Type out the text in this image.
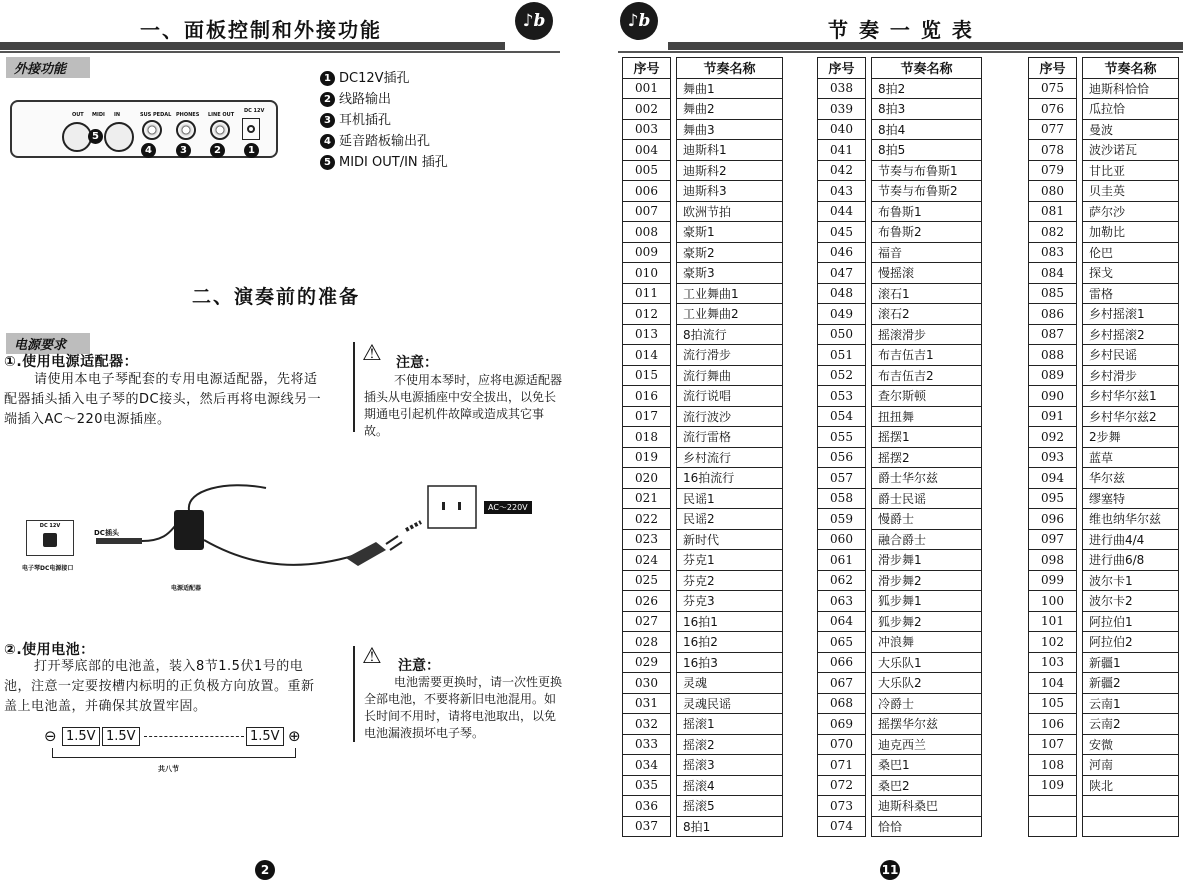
一、面板控制和外接功能	♪b
外接功能
OUT MIDI IN	SUS PEDAL PHONES LINE OUT
DC 12V
5
4	3	2	1
1 DC12V插孔
2 线路输出
3 耳机插孔
4 延音踏板输出孔
5 MIDI OUT/IN 插孔
二、演奏前的准备
电源要求
①.使用电源适配器：
请使用本电子琴配套的专用电源适配器，先将适配器插头插入电子琴的DC接头，然后再将电源线另一端插入AC～220电源插座。
⚠ 注意：
不使用本琴时，应将电源适配器插头从电源插座中安全拔出，以免长期通电引起机件故障或造成其它事故。
DC 12V
电子琴DC电源接口
DC插头
电源适配器
AC～220V
②.使用电池：
打开琴底部的电池盖，装入8节1.5伏1号的电池，注意一定要按槽内标明的正负极方向放置。重新盖上电池盖，并确保其放置牢固。
⚠ 注意：
电池需要更换时，请一次性更换全部电池，不要将新旧电池混用。如长时间不用时，请将电池取出，以免电池漏液损坏电子琴。
⊖ 1.5V 1.5V	1.5V ⊕
共八节
2
♪b	节 奏 一 览 表
序号		节奏名称
001		舞曲1
002		舞曲2
003		舞曲3
004		迪斯科1
005		迪斯科2
006		迪斯科3
007		欧洲节拍
008		豪斯1
009		豪斯2
010		豪斯3
011		工业舞曲1
012		工业舞曲2
013		8拍流行
014		流行滑步
015		流行舞曲
016		流行说唱
017		流行波沙
018		流行雷格
019		乡村流行
020		16拍流行
021		民谣1
022		民谣2
023		新时代
024		芬克1
025		芬克2
026		芬克3
027		16拍1
028		16拍2
029		16拍3
030		灵魂
031		灵魂民谣
032		摇滚1
033		摇滚2
034		摇滚3
035		摇滚4
036		摇滚5
037		8拍1
序号		节奏名称
038		8拍2
039		8拍3
040		8拍4
041		8拍5
042		节奏与布鲁斯1
043		节奏与布鲁斯2
044		布鲁斯1
045		布鲁斯2
046		福音
047		慢摇滚
048		滚石1
049		滚石2
050		摇滚滑步
051		布吉伍吉1
052		布吉伍吉2
053		查尔斯顿
054		扭扭舞
055		摇摆1
056		摇摆2
057		爵士华尔兹
058		爵士民谣
059		慢爵士
060		融合爵士
061		滑步舞1
062		滑步舞2
063		狐步舞1
064		狐步舞2
065		冲浪舞
066		大乐队1
067		大乐队2
068		冷爵士
069		摇摆华尔兹
070		迪克西兰
071		桑巴1
072		桑巴2
073		迪斯科桑巴
074		恰恰
序号		节奏名称
075		迪斯科恰恰
076		瓜拉恰
077		曼波
078		波沙诺瓦
079		甘比亚
080		贝圭英
081		萨尔沙
082		加勒比
083		伦巴
084		探戈
085		雷格
086		乡村摇滚1
087		乡村摇滚2
088		乡村民谣
089		乡村滑步
090		乡村华尔兹1
091		乡村华尔兹2
092		2步舞
093		蓝草
094		华尔兹
095		缪塞特
096		维也纳华尔兹
097		进行曲4/4
098		进行曲6/8
099		波尔卡1
100		波尔卡2
101		阿拉伯1
102		阿拉伯2
103		新疆1
104		新疆2
105		云南1
106		云南2
107		安微
108		河南
109		陕北

11
